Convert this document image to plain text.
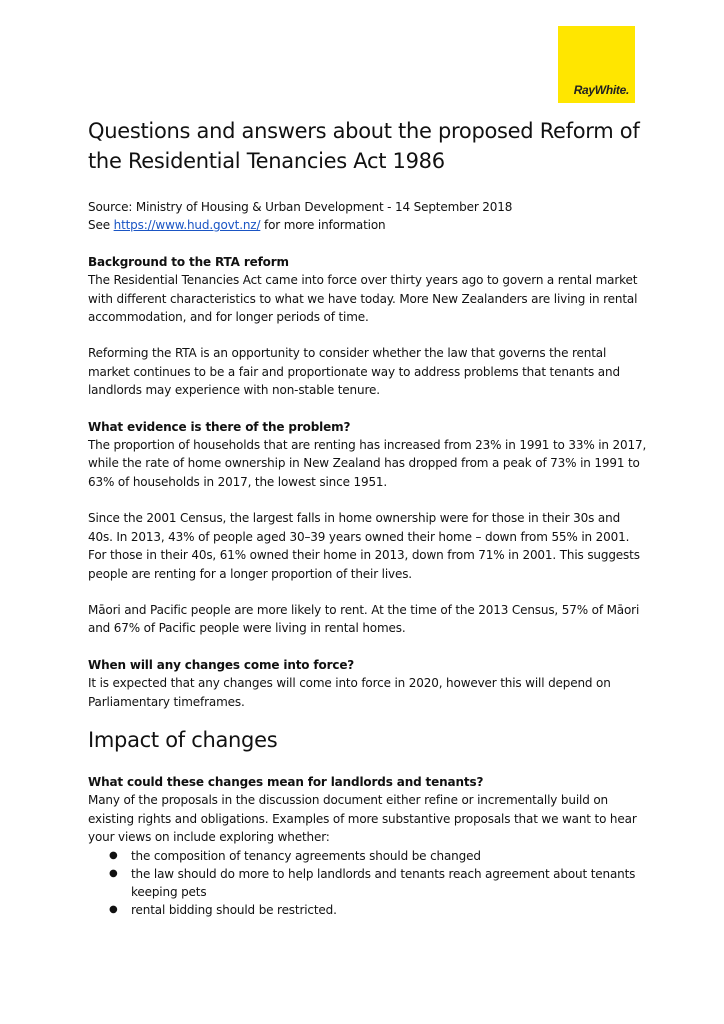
RayWhite.
Questions and answers about the proposed Reform of the Residential Tenancies Act 1986

Source: Ministry of Housing & Urban Development - 14 September 2018

See https://www.hud.govt.nz/ for more information

Background to the RTA reform

The Residential Tenancies Act came into force over thirty years ago to govern a rental market with different characteristics to what we have today. More New Zealanders are living in rental accommodation, and for longer periods of time.

Reforming the RTA is an opportunity to consider whether the law that governs the rental market continues to be a fair and proportionate way to address problems that tenants and landlords may experience with non-stable tenure.

What evidence is there of the problem?

The proportion of households that are renting has increased from 23% in 1991 to 33% in 2017, while the rate of home ownership in New Zealand has dropped from a peak of 73% in 1991 to 63% of households in 2017, the lowest since 1951.

Since the 2001 Census, the largest falls in home ownership were for those in their 30s and 40s. In 2013, 43% of people aged 30–39 years owned their home – down from 55% in 2001. For those in their 40s, 61% owned their home in 2013, down from 71% in 2001. This suggests people are renting for a longer proportion of their lives.

Māori and Pacific people are more likely to rent. At the time of the 2013 Census, 57% of Māori and 67% of Pacific people were living in rental homes.

When will any changes come into force?

It is expected that any changes will come into force in 2020, however this will depend on Parliamentary timeframes.

Impact of changes

What could these changes mean for landlords and tenants?

Many of the proposals in the discussion document either refine or incrementally build on existing rights and obligations. Examples of more substantive proposals that we want to hear your views on include exploring whether:

● the composition of tenancy agreements should be changed
● the law should do more to help landlords and tenants reach agreement about tenants keeping pets
● rental bidding should be restricted.
